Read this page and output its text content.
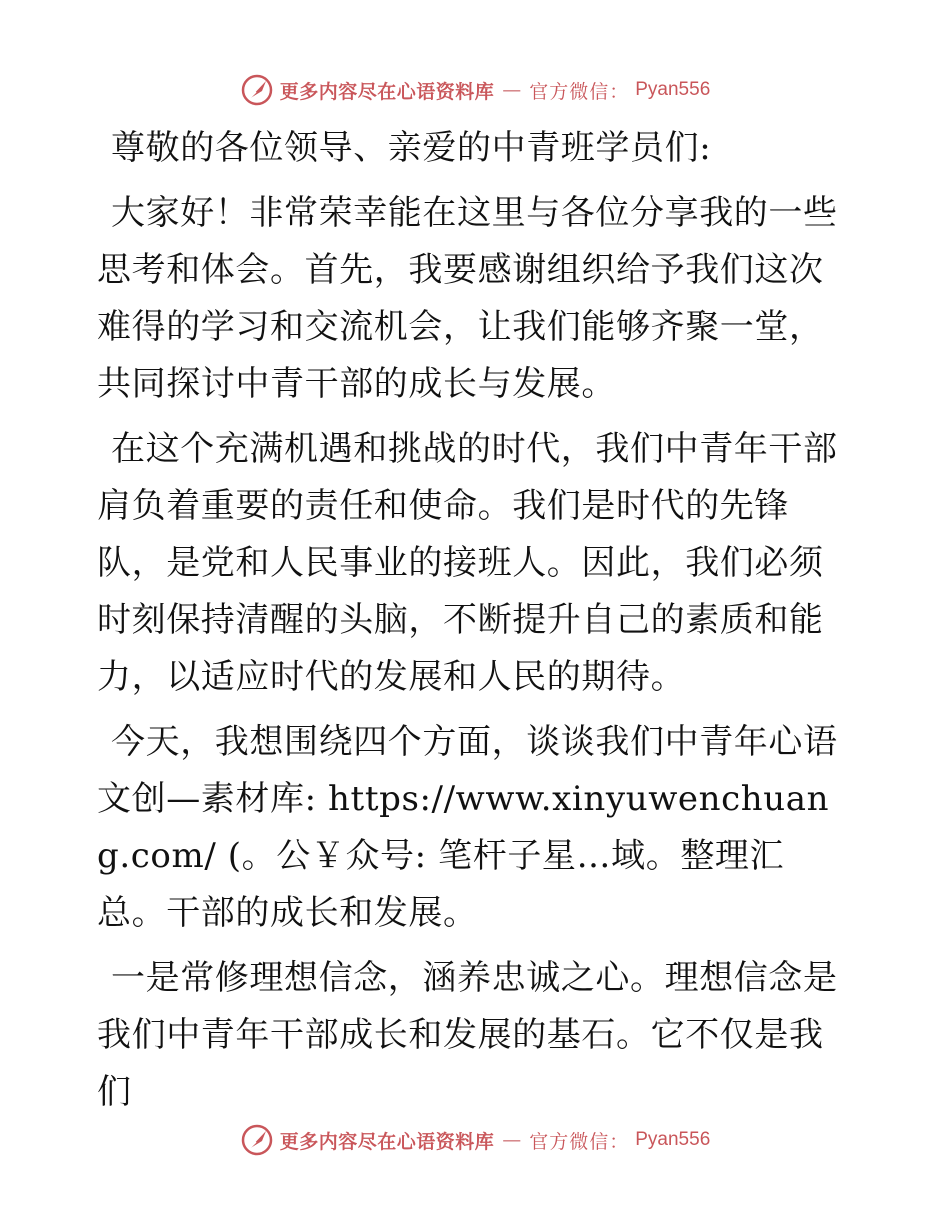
更多内容尽在心语资料库 — 官方微信： Pyan556

尊敬的各位领导、亲爱的中青班学员们:

大家好！非常荣幸能在这里与各位分享我的一些思考和体会。首先，我要感谢组织给予我们这次难得的学习和交流机会，让我们能够齐聚一堂，共同探讨中青干部的成长与发展。

在这个充满机遇和挑战的时代，我们中青年干部肩负着重要的责任和使命。我们是时代的先锋队，是党和人民事业的接班人。因此，我们必须时刻保持清醒的头脑，不断提升自己的素质和能力，以适应时代的发展和人民的期待。

今天，我想围绕四个方面，谈谈我们中青年心语文创—素材库: https://www.xinyuwenchuang.com/ (。公￥众号: 笔杆子星…域。整理汇总。干部的成长和发展。

一是常修理想信念，涵养忠诚之心。理想信念是我们中青年干部成长和发展的基石。它不仅是我们

更多内容尽在心语资料库 — 官方微信： Pyan556
